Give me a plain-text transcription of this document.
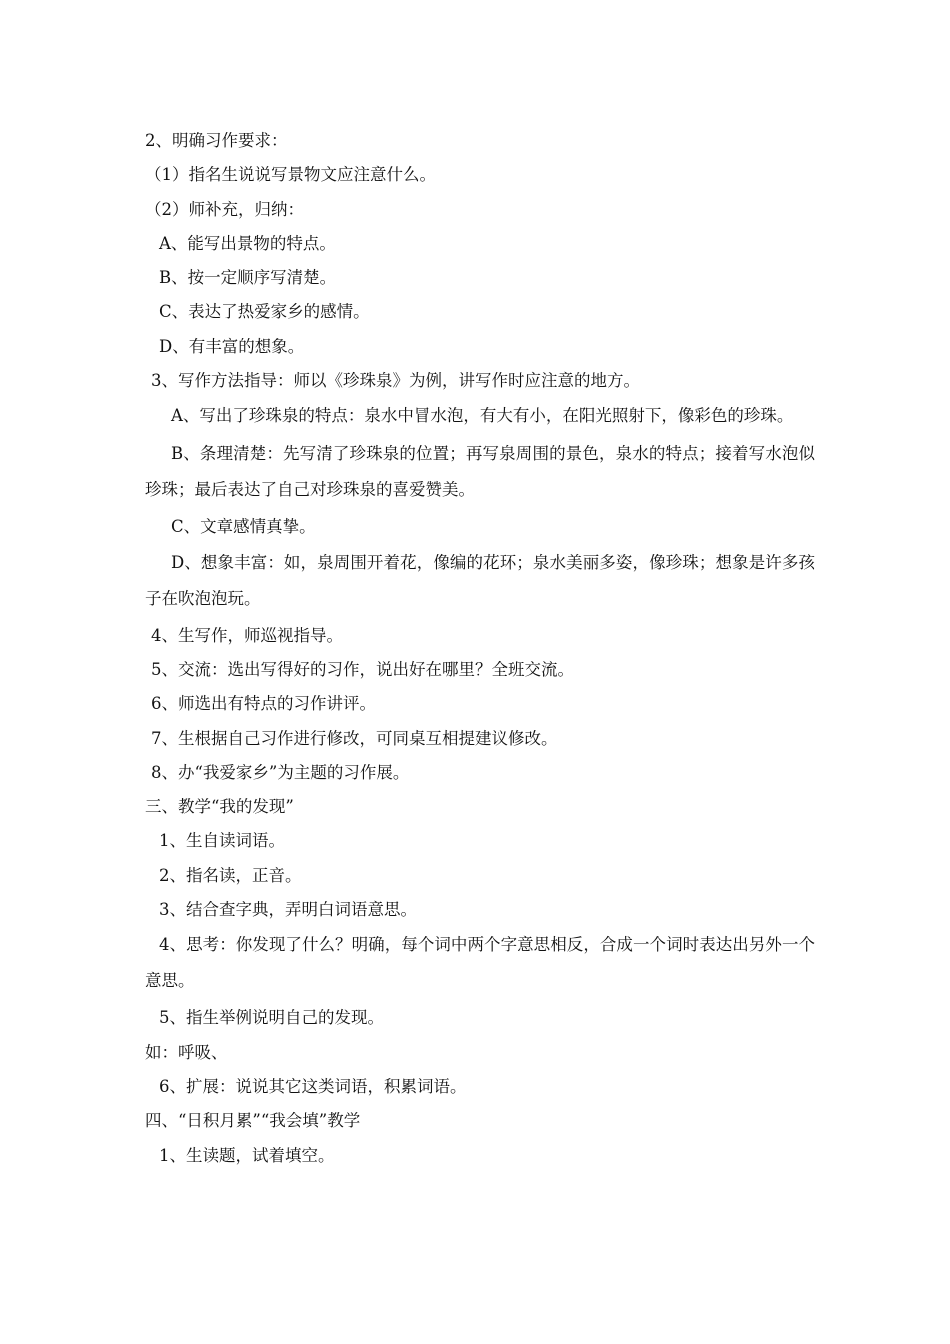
2、明确习作要求：
（1）指名生说说写景物文应注意什么。
（2）师补充，归纳：
A、能写出景物的特点。
B、按一定顺序写清楚。
C、表达了热爱家乡的感情。
D、有丰富的想象。
3、写作方法指导：师以《珍珠泉》为例，讲写作时应注意的地方。
A、写出了珍珠泉的特点：泉水中冒水泡，有大有小，在阳光照射下，像彩色的珍珠。
B、条理清楚：先写清了珍珠泉的位置；再写泉周围的景色，泉水的特点；接着写水泡似珍珠；最后表达了自己对珍珠泉的喜爱赞美。
C、文章感情真挚。
D、想象丰富：如，泉周围开着花，像编的花环；泉水美丽多姿，像珍珠；想象是许多孩子在吹泡泡玩。
4、生写作，师巡视指导。
5、交流：选出写得好的习作，说出好在哪里？全班交流。
6、师选出有特点的习作讲评。
7、生根据自己习作进行修改，可同桌互相提建议修改。
8、办“我爱家乡”为主题的习作展。
三、教学“我的发现”
1、生自读词语。
2、指名读，正音。
3、结合查字典，弄明白词语意思。
4、思考：你发现了什么？明确，每个词中两个字意思相反，合成一个词时表达出另外一个意思。
5、指生举例说明自己的发现。
如：呼吸、
6、扩展：说说其它这类词语，积累词语。
四、“日积月累”“我会填”教学
1、生读题，试着填空。
